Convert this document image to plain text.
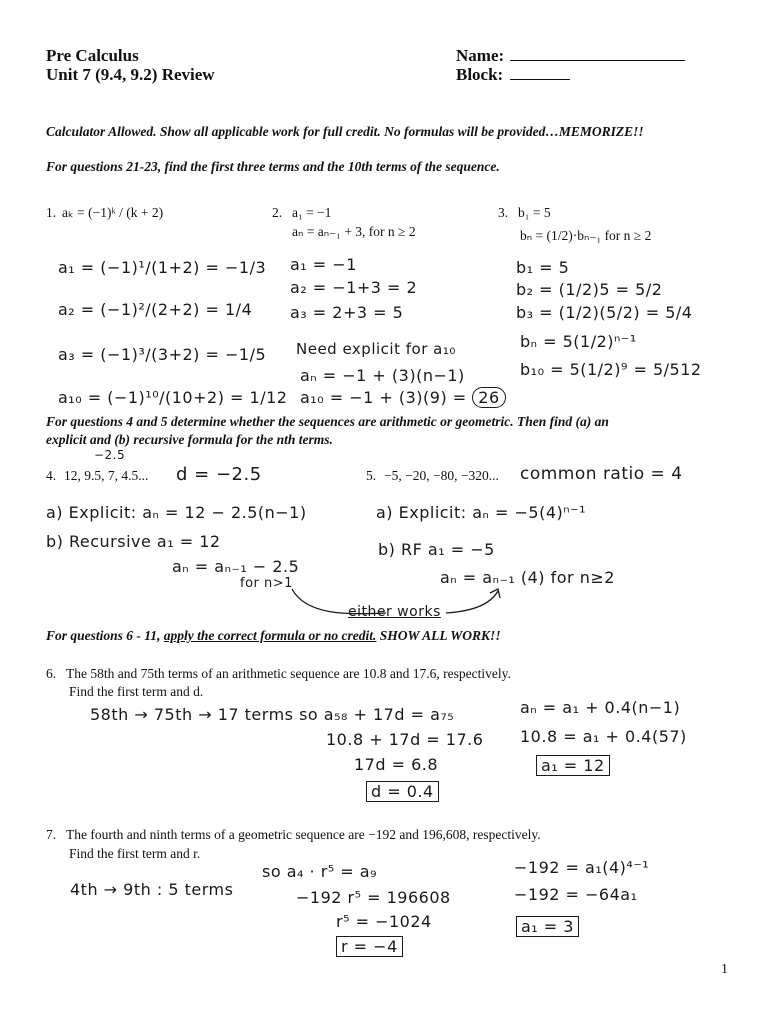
Pre Calculus
Unit 7 (9.4, 9.2) Review
Name:
Block:
Calculator Allowed. Show all applicable work for full credit. No formulas will be provided…MEMORIZE!!
For questions 21-23, find the first three terms and the 10th terms of the sequence.
1. aₖ = (−1)ᵏ / (k + 2)
a₁ = (−1)¹/(1+2) = −1/3
a₂ = (−1)²/(2+2) = 1/4
a₃ = (−1)³/(3+2) = −1/5
a₁₀ = (−1)¹⁰/(10+2) = 1/12
2. a₁ = −1
aₙ = aₙ₋₁ + 3, for n ≥ 2
a₁ = −1
a₂ = −1+3 = 2
a₃ = 2+3 = 5
Need explicit for a₁₀
aₙ = −1 + (3)(n−1)
a₁₀ = −1 + (3)(9) = 26
3. b₁ = 5
bₙ = (1/2)·bₙ₋₁ for n ≥ 2
b₁ = 5
b₂ = (1/2)5 = 5/2
b₃ = (1/2)(5/2) = 5/4
bₙ = 5(1/2)ⁿ⁻¹
b₁₀ = 5(1/2)⁹ = 5/512
For questions 4 and 5 determine whether the sequences are arithmetic or geometric. Then find (a) an
explicit and (b) recursive formula for the nth terms.
−2.5
4. 12, 9.5, 7, 4.5... d = −2.5
a) Explicit: aₙ = 12 − 2.5(n−1)
b) Recursive a₁ = 12
aₙ = aₙ₋₁ − 2.5
for n>1
5. −5, −20, −80, −320... common ratio = 4
a) Explicit: aₙ = −5(4)ⁿ⁻¹
b) RF a₁ = −5
aₙ = aₙ₋₁ (4) for n≥2
either works
For questions 6 - 11, apply the correct formula or no credit. SHOW ALL WORK!!
6. The 58th and 75th terms of an arithmetic sequence are 10.8 and 17.6, respectively.
Find the first term and d.
58th → 75th → 17 terms so a₅₈ + 17d = a₇₅
10.8 + 17d = 17.6
17d = 6.8
d = 0.4
aₙ = a₁ + 0.4(n−1)
10.8 = a₁ + 0.4(57)
a₁ = 12
7. The fourth and ninth terms of a geometric sequence are −192 and 196,608, respectively.
Find the first term and r.
4th → 9th : 5 terms
so a₄ · r⁵ = a₉
−192 r⁵ = 196608
r⁵ = −1024
r = −4
−192 = a₁(4)⁴⁻¹
−192 = −64a₁
a₁ = 3
1
